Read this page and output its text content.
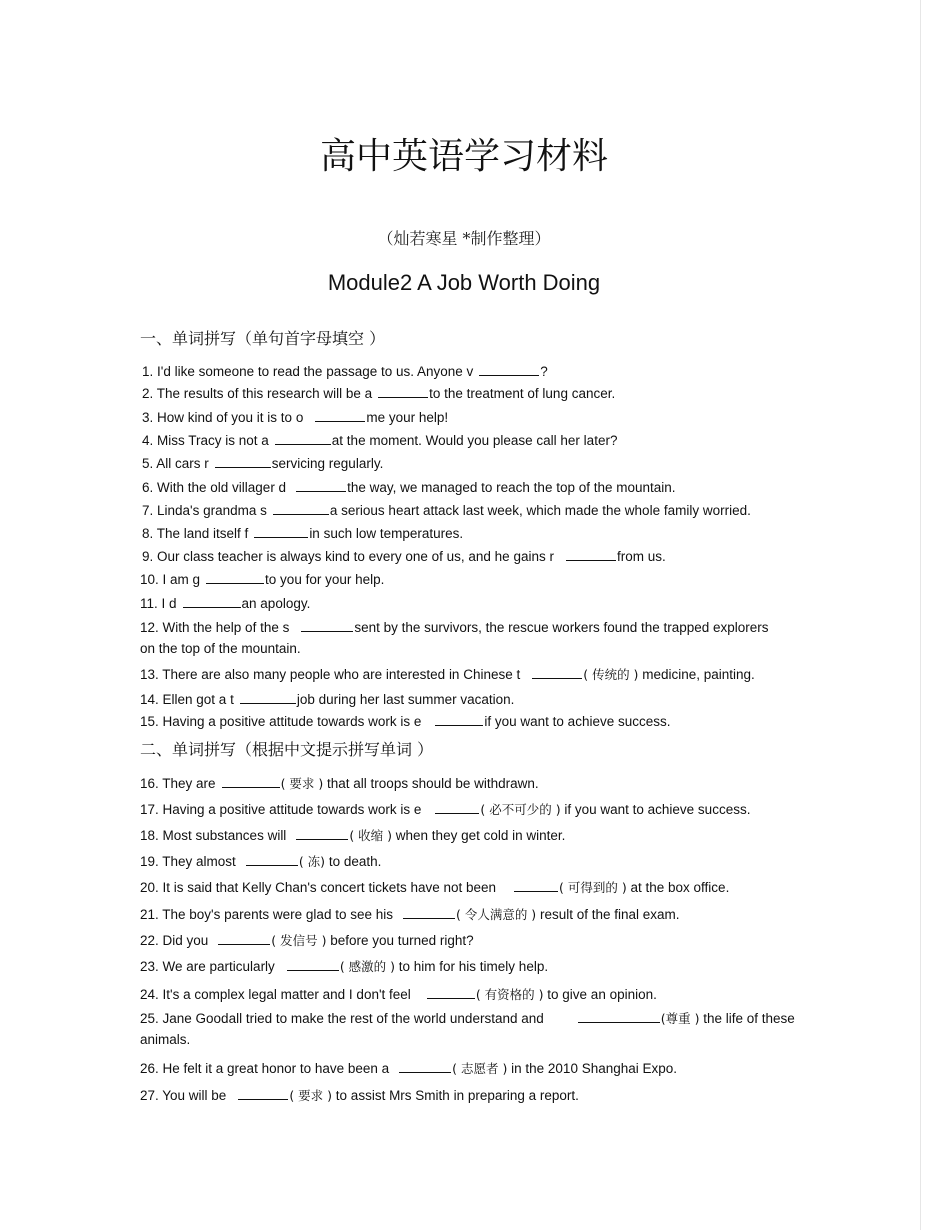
高中英语学习材料
（灿若寒星 *制作整理）
Module2 A Job Worth Doing
一、单词拼写（单句首字母填空 ）
1. I'd like someone to read the passage to us. Anyone v	?
2. The results of this research will be a	to the treatment of lung cancer.
3. How kind of you it is to o	me your help!
4. Miss Tracy is not a	at the moment. Would you please call her later?
5. All cars r	servicing regularly.
6. With the old villager d	the way, we managed to reach the top of the mountain.
7. Linda's grandma s	a serious heart attack last week, which made the whole family worried.
8. The land itself f	in such low temperatures.
9. Our class teacher is always kind to every one of us, and he gains r	from us.
10. I am g	to you for your help.
11. I d	an apology.
12. With the help of the s	sent by the survivors, the rescue workers found the trapped explorers on the top of the mountain.
13. There are also many people who are interested in Chinese t	( 传统的 ) medicine, painting.
14. Ellen got a t	job during her last summer vacation.
15. Having a positive attitude towards work is e	if you want to achieve success.
二、单词拼写（根据中文提示拼写单词 ）
16. They are	( 要求 ) that all troops should be withdrawn.
17. Having a positive attitude towards work is e	( 必不可少的 ) if you want to achieve success.
18. Most substances will	( 收缩 ) when they get cold in winter.
19. They almost	( 冻) to death.
20. It is said that Kelly Chan's concert tickets have not been	( 可得到的 ) at the box office.
21. The boy's parents were glad to see his	( 令人满意的 ) result of the final exam.
22. Did you	( 发信号 ) before you turned right?
23. We are particularly	( 感激的 ) to him for his timely help.
24. It's a complex legal matter and I don't feel	( 有资格的 ) to give an opinion.
25. Jane Goodall tried to make the rest of the world understand and	(尊重 ) the life of these animals.
26. He felt it a great honor to have been a	( 志愿者 ) in the 2010 Shanghai Expo.
27. You will be	( 要求 ) to assist Mrs Smith in preparing a report.
